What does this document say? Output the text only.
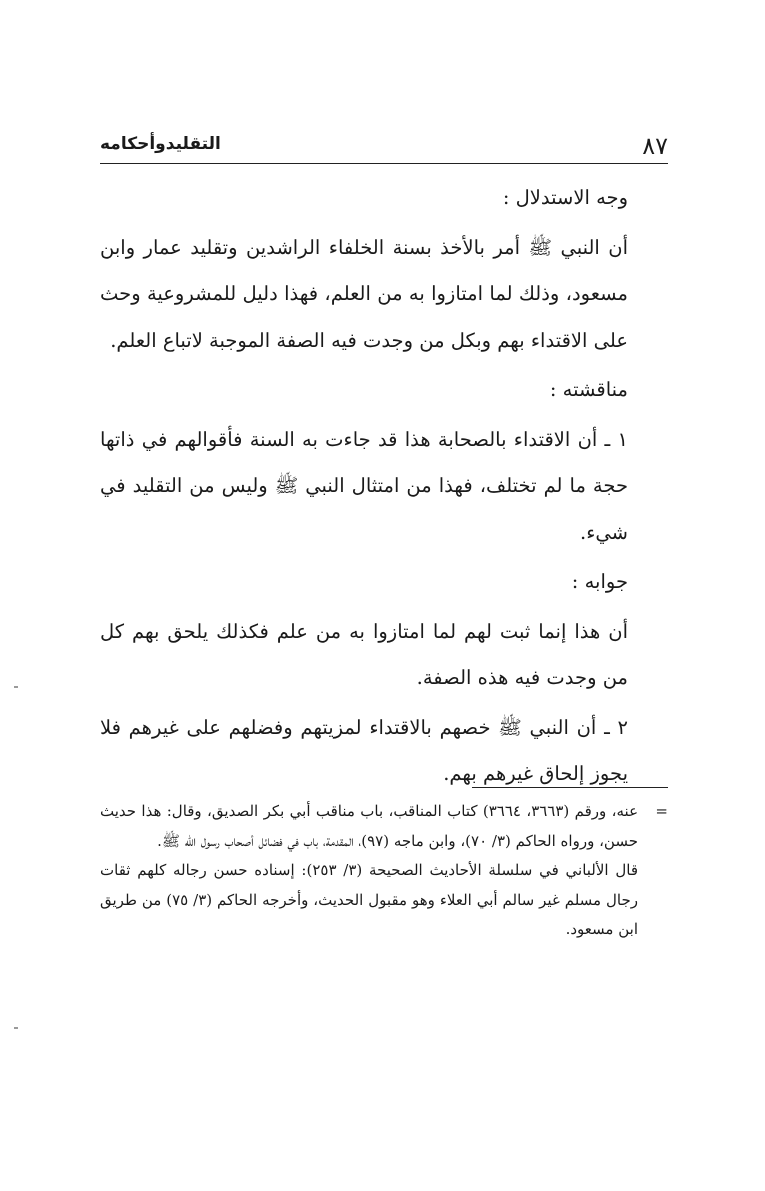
٨٧
التقليدوأحكامه

وجه الاستدلال :

أن النبي ﷺ أمر بالأخذ بسنة الخلفاء الراشدين وتقليد عمار وابن مسعود، وذلك لما امتازوا به من العلم، فهذا دليل للمشروعية وحث على الاقتداء بهم وبكل من وجدت فيه الصفة الموجبة لاتباع العلم.

مناقشته :

١ ـ أن الاقتداء بالصحابة هذا قد جاءت به السنة فأقوالهم في ذاتها حجة ما لم تختلف، فهذا من امتثال النبي ﷺ وليس من التقليد في شيء.

جوابه :

أن هذا إنما ثبت لهم لما امتازوا به من علم فكذلك يلحق بهم كل من وجدت فيه هذه الصفة.

٢ ـ أن النبي ﷺ خصهم بالاقتداء لمزيتهم وفضلهم على غيرهم فلا يجوز إلحاق غيرهم بهم.

=
عنه، ورقم (٣٦٦٣، ٣٦٦٤) كتاب المناقب، باب مناقب أبي بكر الصديق، وقال: هذا حديث حسن، ورواه الحاكم (٣/ ٧٠)، وابن ماجه (٩٧)، المقدمة، باب في فضائل أصحاب رسول الله ﷺ.

قال الألباني في سلسلة الأحاديث الصحيحة (٣/ ٢٥٣): إسناده حسن رجاله كلهم ثقات رجال مسلم غير سالم أبي العلاء وهو مقبول الحديث، وأخرجه الحاكم (٣/ ٧٥) من طريق ابن مسعود.
